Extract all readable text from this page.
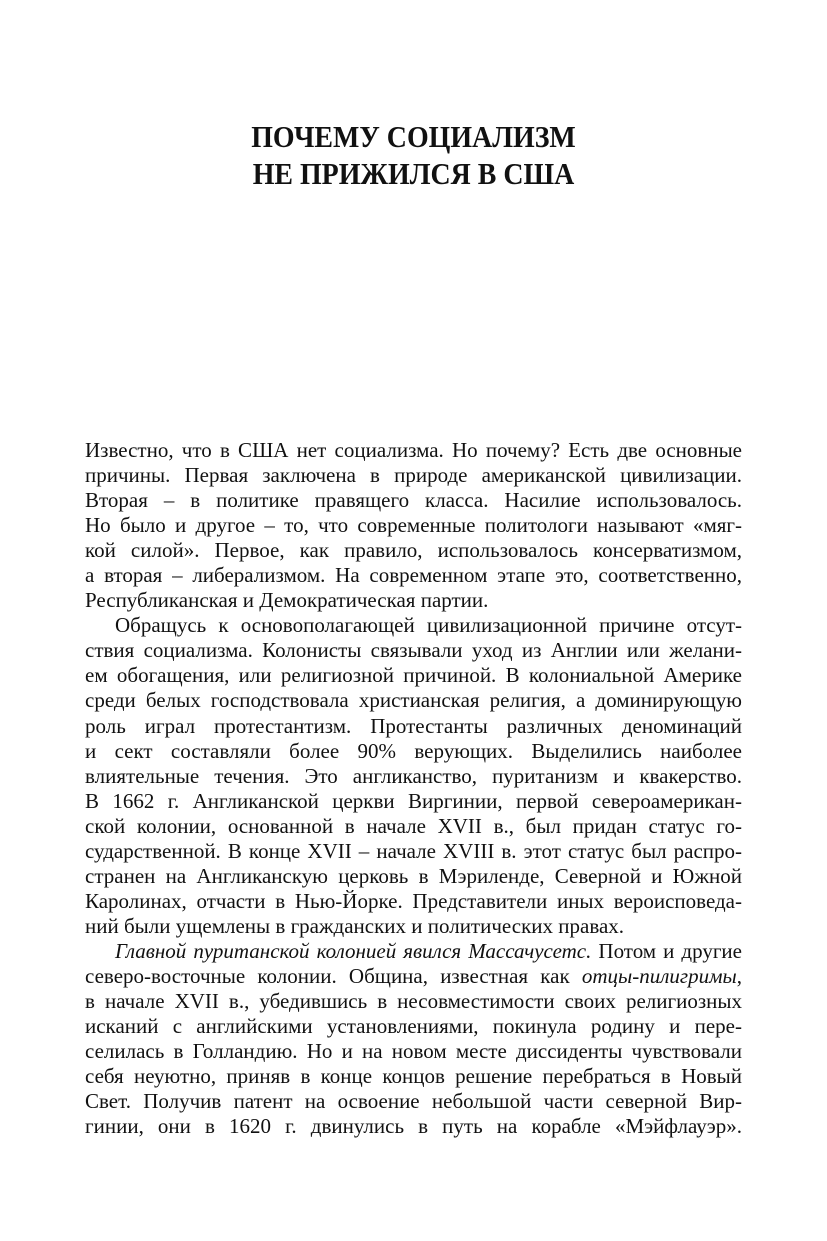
ПОЧЕМУ СОЦИАЛИЗМ
НЕ ПРИЖИЛСЯ В США

Известно, что в США нет социализма. Но почему? Есть две основные
причины. Первая заключена в природе американской цивилизации.
Вторая – в политике правящего класса. Насилие использовалось.
Но было и другое – то, что современные политологи называют «мяг-
кой силой». Первое, как правило, использовалось консерватизмом,
а вторая – либерализмом. На современном этапе это, соответственно,
Республиканская и Демократическая партии.

Обращусь к основополагающей цивилизационной причине отсут-
ствия социализма. Колонисты связывали уход из Англии или желани-
ем обогащения, или религиозной причиной. В колониальной Америке
среди белых господствовала христианская религия, а доминирующую
роль играл протестантизм. Протестанты различных деноминаций
и сект составляли более 90% верующих. Выделились наиболее
влиятельные течения. Это англиканство, пуританизм и квакерство.
В 1662 г. Англиканской церкви Виргинии, первой североамерикан-
ской колонии, основанной в начале XVII в., был придан статус го-
сударственной. В конце XVII – начале XVIII в. этот статус был распро-
странен на Англиканскую церковь в Мэриленде, Северной и Южной
Каролинах, отчасти в Нью-Йорке. Представители иных вероисповеда-
ний были ущемлены в гражданских и политических правах.

Главной пуританской колонией явился Массачусетс. Потом и другие
северо-восточные колонии. Община, известная как отцы-пилигримы,
в начале XVII в., убедившись в несовместимости своих религиозных
исканий с английскими установлениями, покинула родину и пере-
селилась в Голландию. Но и на новом месте диссиденты чувствовали
себя неуютно, приняв в конце концов решение перебраться в Новый
Свет. Получив патент на освоение небольшой части северной Вир-
гинии, они в 1620 г. двинулись в путь на корабле «Мэйфлауэр».
